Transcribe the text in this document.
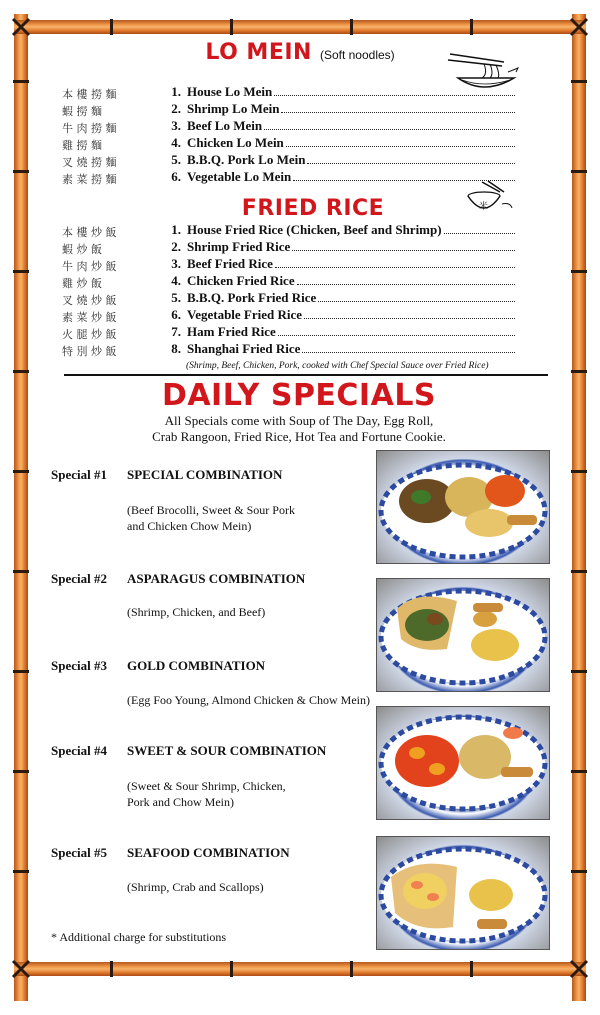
LO MEIN (Soft noodles)
本 樓 撈 麵
蝦 撈 麵
牛 肉 撈 麵
雞 撈 麵
叉 燒 撈 麵
素 菜 撈 麵
1. House Lo Mein
2. Shrimp Lo Mein
3. Beef Lo Mein
4. Chicken Lo Mein
5. B.B.Q. Pork Lo Mein
6. Vegetable Lo Mein
FRIED RICE	米
本 樓 炒 飯
蝦 炒 飯
牛 肉 炒 飯
雞 炒 飯
叉 燒 炒 飯
素 菜 炒 飯
火 腿 炒 飯
特 別 炒 飯
1. House Fried Rice (Chicken, Beef and Shrimp)
2. Shrimp Fried Rice
3. Beef Fried Rice
4. Chicken Fried Rice
5. B.B.Q. Pork Fried Rice
6. Vegetable Fried Rice
7. Ham Fried Rice
8. Shanghai Fried Rice
(Shrimp, Beef, Chicken, Pork, cooked with Chef Special Sauce over Fried Rice)
DAILY SPECIALS
All Specials come with Soup of The Day, Egg Roll,
Crab Rangoon, Fried Rice, Hot Tea and Fortune Cookie.
Special #1 SPECIAL COMBINATION
(Beef Brocolli, Sweet & Sour Pork
and Chicken Chow Mein)
Special #2 ASPARAGUS COMBINATION
(Shrimp, Chicken, and Beef)
Special #3 GOLD COMBINATION
(Egg Foo Young, Almond Chicken & Chow Mein)
Special #4 SWEET & SOUR COMBINATION
(Sweet & Sour Shrimp, Chicken,
Pork and Chow Mein)
Special #5 SEAFOOD COMBINATION
(Shrimp, Crab and Scallops)
* Additional charge for substitutions
